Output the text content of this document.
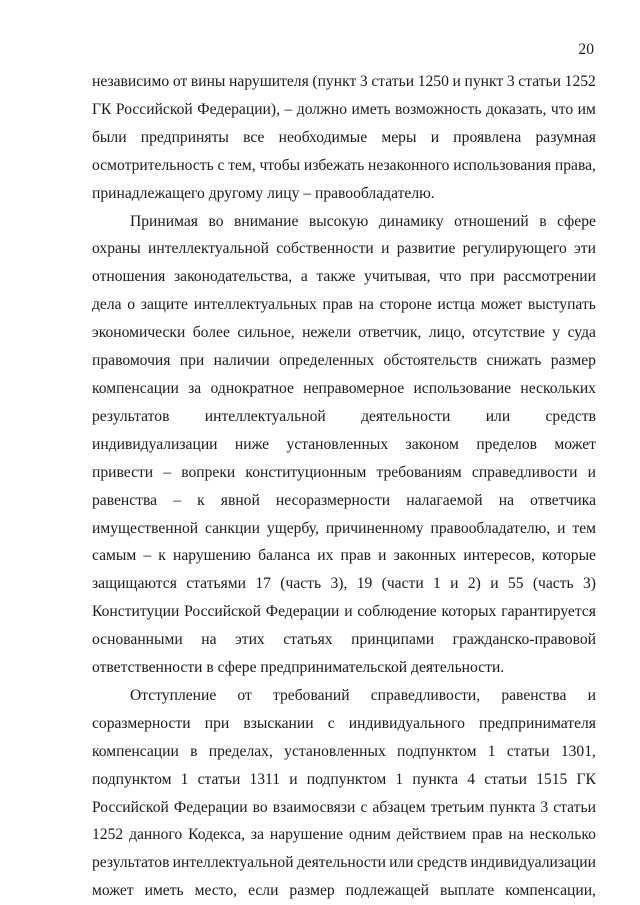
20

независимо от вины нарушителя (пункт 3 статьи 1250 и пункт 3 статьи 1252
ГК Российской Федерации), – должно иметь возможность доказать, что им
были предприняты все необходимые меры и проявлена разумная
осмотрительность с тем, чтобы избежать незаконного использования права,
принадлежащего другому лицу – правообладателю.

Принимая во внимание высокую динамику отношений в сфере
охраны интеллектуальной собственности и развитие регулирующего эти
отношения законодательства, а также учитывая, что при рассмотрении
дела о защите интеллектуальных прав на стороне истца может выступать
экономически более сильное, нежели ответчик, лицо, отсутствие у суда
правомочия при наличии определенных обстоятельств снижать размер
компенсации за однократное неправомерное использование нескольких
результатов интеллектуальной деятельности или средств
индивидуализации ниже установленных законом пределов может
привести – вопреки конституционным требованиям справедливости и
равенства – к явной несоразмерности налагаемой на ответчика
имущественной санкции ущербу, причиненному правообладателю, и тем
самым – к нарушению баланса их прав и законных интересов, которые
защищаются статьями 17 (часть 3), 19 (части 1 и 2) и 55 (часть 3)
Конституции Российской Федерации и соблюдение которых гарантируется
основанными на этих статьях принципами гражданско-правовой
ответственности в сфере предпринимательской деятельности.

Отступление от требований справедливости, равенства и
соразмерности при взыскании с индивидуального предпринимателя
компенсации в пределах, установленных подпунктом 1 статьи 1301,
подпунктом 1 статьи 1311 и подпунктом 1 пункта 4 статьи 1515 ГК
Российской Федерации во взаимосвязи с абзацем третьим пункта 3 статьи
1252 данного Кодекса, за нарушение одним действием прав на несколько
результатов интеллектуальной деятельности или средств индивидуализации
может иметь место, если размер подлежащей выплате компенсации,
